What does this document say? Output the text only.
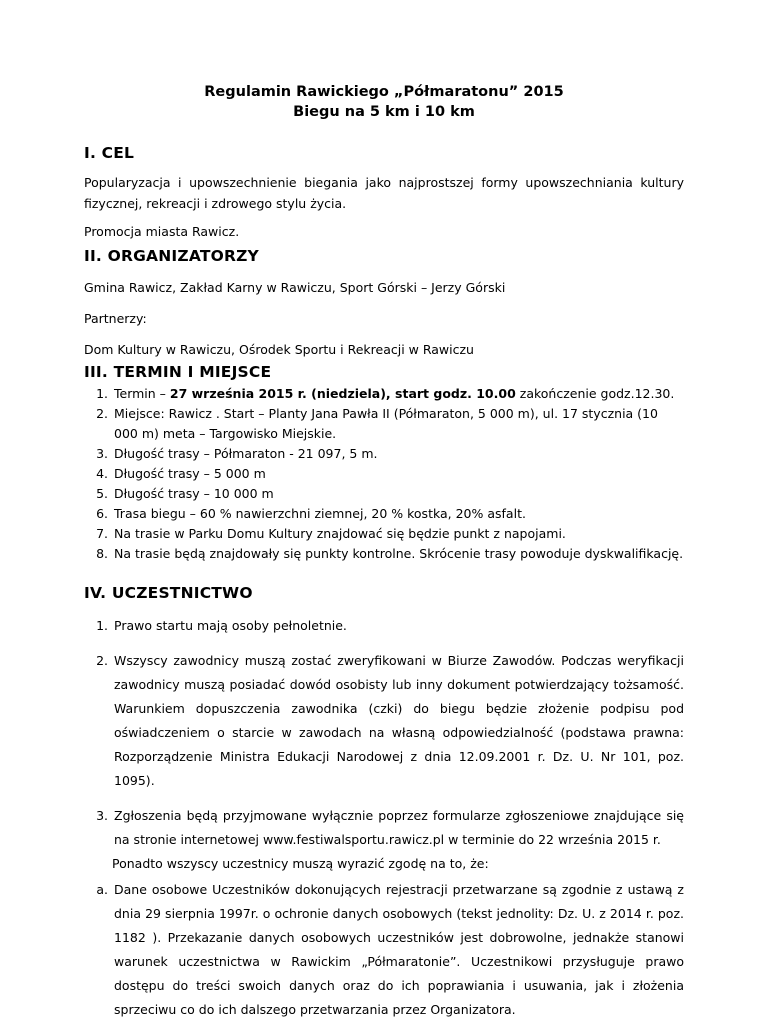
Regulamin Rawickiego „Półmaratonu” 2015
Biegu na 5 km i 10 km
I. CEL

Popularyzacja i upowszechnienie biegania jako najprostszej formy upowszechniania kultury fizycznej, rekreacji i zdrowego stylu życia.

Promocja miasta Rawicz.

II. ORGANIZATORZY

Gmina Rawicz, Zakład Karny w Rawiczu, Sport Górski – Jerzy Górski

Partnerzy:

Dom Kultury w Rawiczu, Ośrodek Sportu i Rekreacji w Rawiczu

III. TERMIN I MIEJSCE
1. Termin – 27 września 2015 r. (niedziela), start godz. 10.00 zakończenie godz.12.30.
2. Miejsce: Rawicz . Start – Planty Jana Pawła II (Półmaraton, 5 000 m), ul. 17 stycznia (10 000 m) meta – Targowisko Miejskie.
3. Długość trasy – Półmaraton - 21 097, 5 m.
4. Długość trasy – 5 000 m
5. Długość trasy – 10 000 m
6. Trasa biegu – 60 % nawierzchni ziemnej, 20 % kostka, 20% asfalt.
7. Na trasie w Parku Domu Kultury znajdować się będzie punkt z napojami.
8. Na trasie będą znajdowały się punkty kontrolne. Skrócenie trasy powoduje dyskwalifikację.
IV. UCZESTNICTWO
1. Prawo startu mają osoby pełnoletnie.
2. Wszyscy zawodnicy muszą zostać zweryfikowani w Biurze Zawodów. Podczas weryfikacji zawodnicy muszą posiadać dowód osobisty lub inny dokument potwierdzający tożsamość. Warunkiem dopuszczenia zawodnika (czki) do biegu będzie złożenie podpisu pod oświadczeniem o starcie w zawodach na własną odpowiedzialność (podstawa prawna: Rozporządzenie Ministra Edukacji Narodowej z dnia 12.09.2001 r. Dz. U. Nr 101, poz. 1095).
3. Zgłoszenia będą przyjmowane wyłącznie poprzez formularze zgłoszeniowe znajdujące się na stronie internetowej www.festiwalsportu.rawicz.pl w terminie do 22 września 2015 r.
Ponadto wszyscy uczestnicy muszą wyrazić zgodę na to, że:
a. Dane osobowe Uczestników dokonujących rejestracji przetwarzane są zgodnie z ustawą z dnia 29 sierpnia 1997r. o ochronie danych osobowych (tekst jednolity: Dz. U. z 2014 r. poz. 1182 ). Przekazanie danych osobowych uczestników jest dobrowolne, jednakże stanowi warunek uczestnictwa w Rawickim „Półmaratonie”. Uczestnikowi przysługuje prawo dostępu do treści swoich danych oraz do ich poprawiania i usuwania, jak i złożenia sprzeciwu co do ich dalszego przetwarzania przez Organizatora.
